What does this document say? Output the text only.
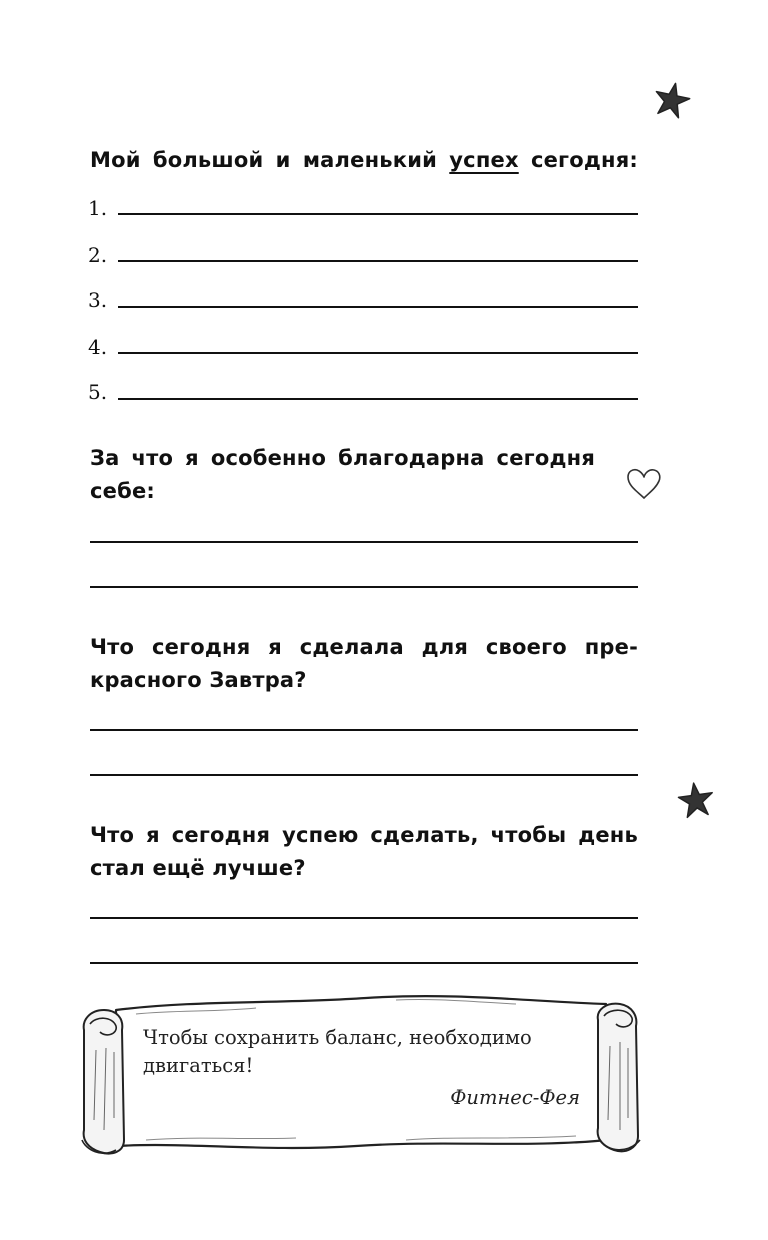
Мой большой и маленький успех сегодня:

1.
2.
3.
4.
5.

За что я особенно благодарна сегодня

себе:

Что сегодня я сделала для своего пре-

красного Завтра?

Что я сегодня успею сделать, чтобы день

стал ещё лучше?

Чтобы сохранить баланс, необходимо двигаться!

Фитнес-Фея
